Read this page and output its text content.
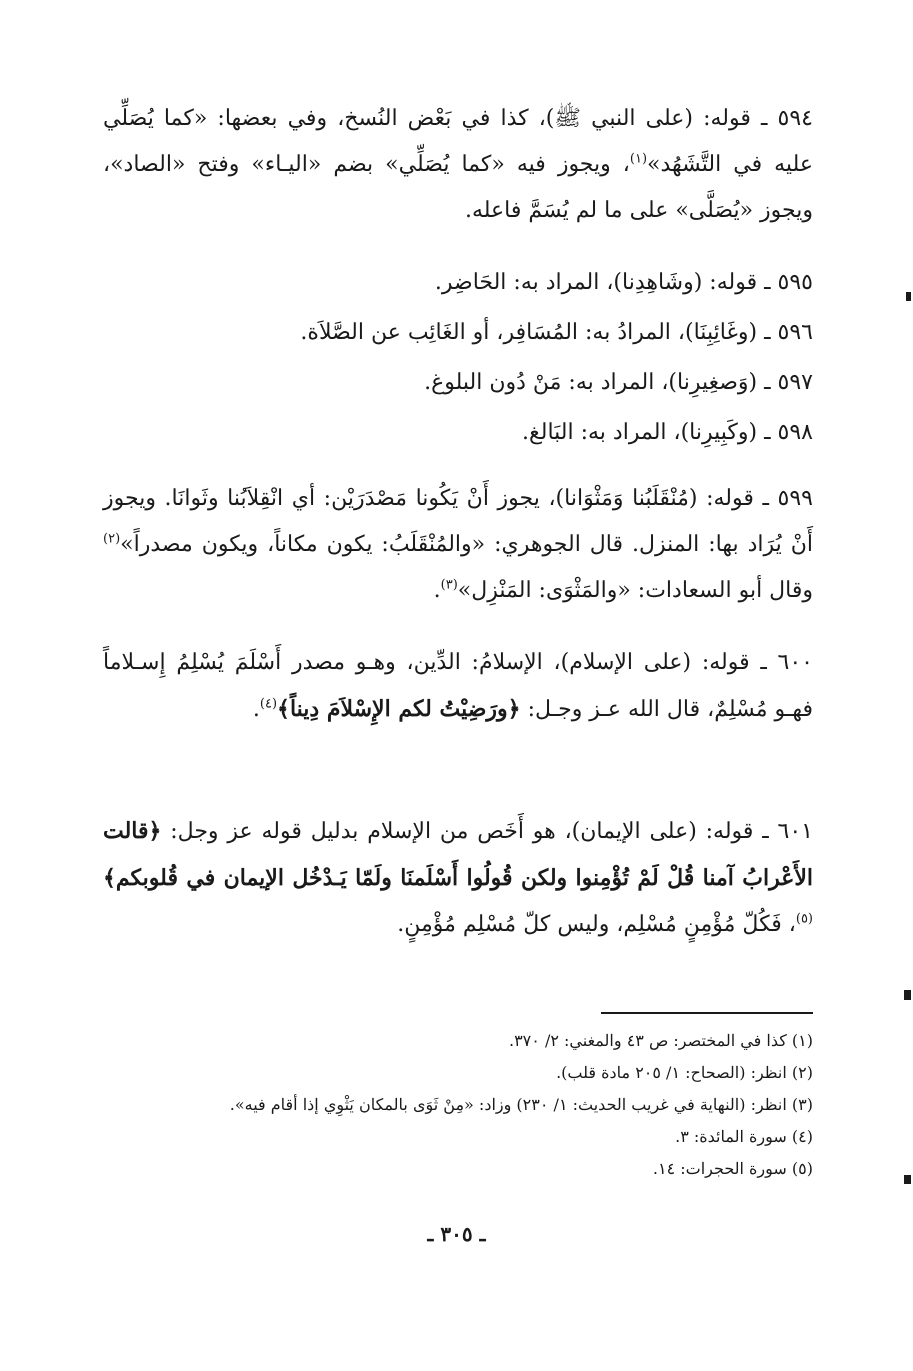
٥٩٤ ـ قوله: (على النبي ﷺ)، كذا في بَعْض النُسخ، وفي بعضها: «كما يُصَلِّي عليه في التَّشَهُد»$^{(١)}$، ويجوز فيه «كما يُصَلِّي» بضم «اليـاء» وفتح «الصاد»، ويجوز «يُصَلَّى» على ما لم يُسَمَّ فاعله.

٥٩٥ ـ قوله: (وشَاهِدِنا)، المراد به: الحَاضِر.

٥٩٦ ـ (وغَائِبِنَا)، المرادُ به: المُسَافِر، أو الغَائِب عن الصَّلاَة.

٥٩٧ ـ (وَصغِيرِنا)، المراد به: مَنْ دُون البلوغ.

٥٩٨ ـ (وكَبِيرِنا)، المراد به: البَالغ.

٥٩٩ ـ قوله: (مُنْقَلَبُنا وَمَثْوَانا)، يجوز أَنْ يَكُونا مَصْدَرَيْن: أي انْقِلاَبُنا وثَوانَا. ويجوز أَنْ يُرَاد بها: المنزل. قال الجوهري: «والمُنْقَلَبُ: يكون مكاناً، ويكون مصدراً»$^{(٢)}$ وقال أبو السعادات: «والمَثْوَى: المَنْزِل»$^{(٣)}$.

٦٠٠ ـ قوله: (على الإسلام)، الإسلامُ: الدِّين، وهـو مصدر أَسْلَمَ يُسْلِمُ إِسـلاماً فهـو مُسْلِمٌ، قال الله عـز وجـل: ﴿ورَضِيْتُ لكم الإِسْلاَمَ دِيناً﴾$^{(٤)}$.

٦٠١ ـ قوله: (على الإيمان)، هو أَخَص من الإسلام بدليل قوله عز وجل: ﴿قالت الأَعْرابُ آمنا قُلْ لَمْ تُؤْمِنوا ولكن قُولُوا أَسْلَمنَا ولَمّا يَـدْخُل الإيمان في قُلوبكم﴾$^{(٥)}$، فَكُلّ مُؤْمِنٍ مُسْلِم، وليس كلّ مُسْلِم مُؤْمِنٍ.

(١) كذا في المختصر: ص ٤٣ والمغني: ٢/ ٣٧٠.

(٢) انظر: (الصحاح: ١/ ٢٠٥ مادة قلب).

(٣) انظر: (النهاية في غريب الحديث: ١/ ٢٣٠) وزاد: «مِنْ ثَوَى بالمكان يَثْوِي إذا أقام فيه».

(٤) سورة المائدة: ٣.

(٥) سورة الحجرات: ١٤.

ـ ٣٠٥ ـ
